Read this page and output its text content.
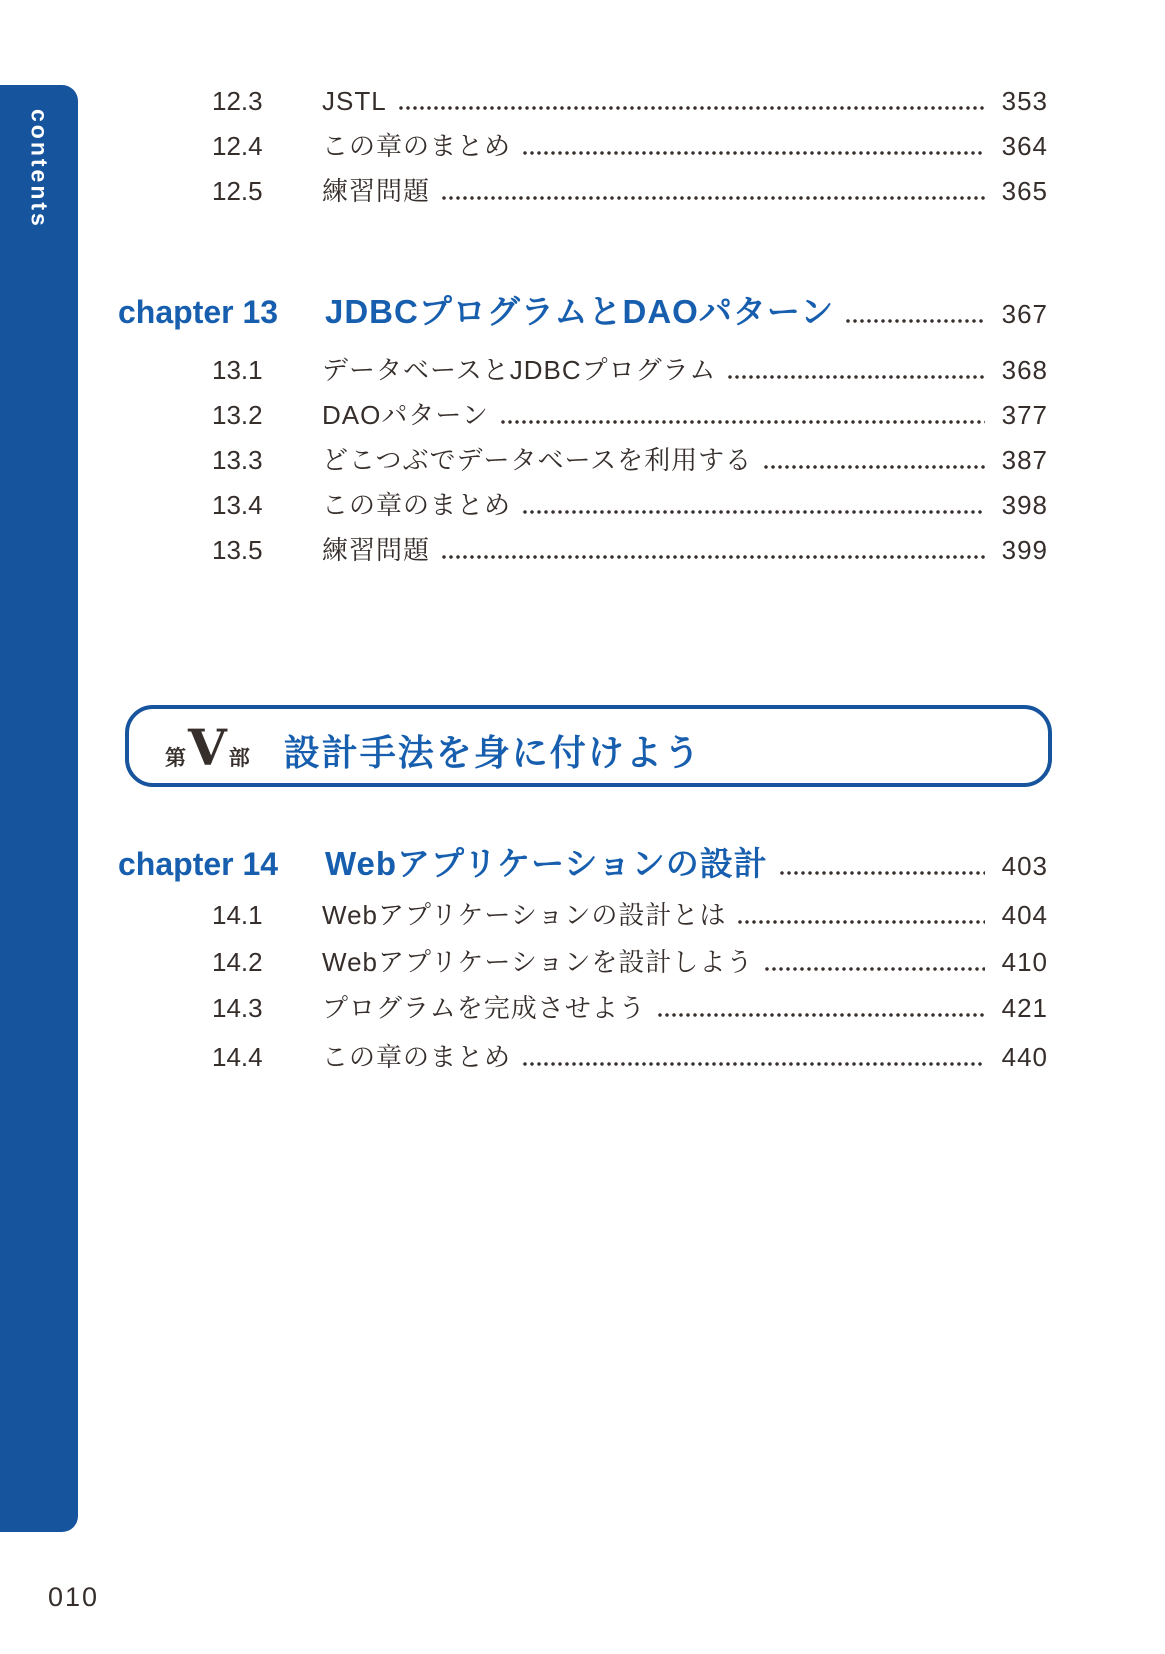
contents
12.3	JSTL	353
12.4	この章のまとめ	364
12.5	練習問題	365
chapter 13	JDBCプログラムとDAOパターン	367
13.1	データベースとJDBCプログラム	368
13.2	DAOパターン	377
13.3	どこつぶでデータベースを利用する	387
13.4	この章のまとめ	398
13.5	練習問題	399
第 V 部 設計手法を身に付けよう
chapter 14	Webアプリケーションの設計	403
14.1	Webアプリケーションの設計とは	404
14.2	Webアプリケーションを設計しよう	410
14.3	プログラムを完成させよう	421
14.4	この章のまとめ	440
010
